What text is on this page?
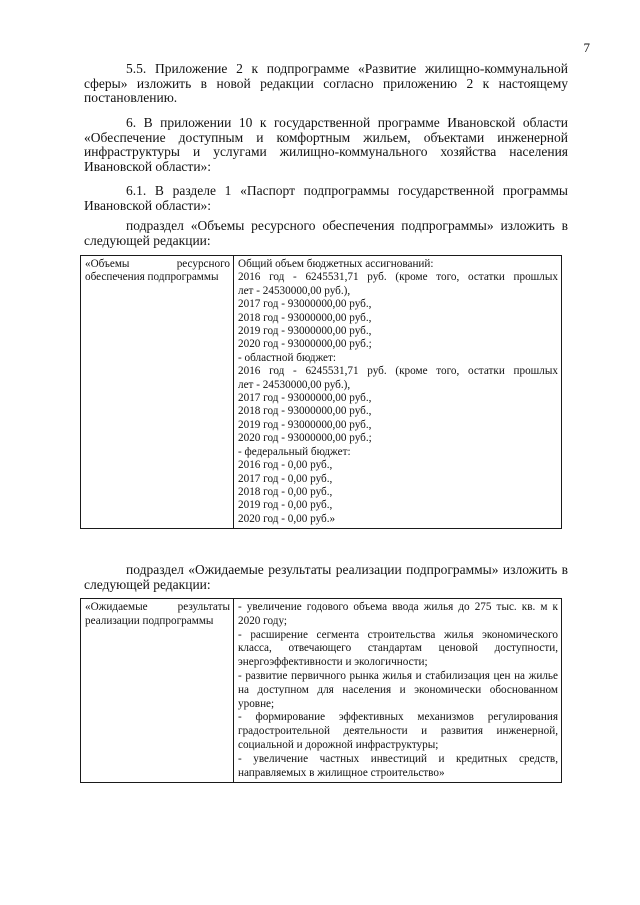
7

5.5. Приложение 2 к подпрограмме «Развитие жилищно-коммунальной сферы» изложить в новой редакции согласно приложению 2 к настоящему постановлению.

6. В приложении 10 к государственной программе Ивановской области «Обеспечение доступным и комфортным жильем, объектами инженерной инфраструктуры и услугами жилищно-коммунального хозяйства населения Ивановской области»:

6.1. В разделе 1 «Паспорт подпрограммы государственной программы Ивановской области»:

подраздел «Объемы ресурсного обеспечения подпрограммы» изложить в следующей редакции:

«Объемы ресурсного обеспечения подпрограммы

Общий объем бюджетных ассигнований:
2016 год - 6245531,71 руб. (кроме того, остатки прошлых
лет - 24530000,00 руб.),
2017 год - 93000000,00 руб.,
2018 год - 93000000,00 руб.,
2019 год - 93000000,00 руб.,
2020 год - 93000000,00 руб.;
- областной бюджет:
2016 год - 6245531,71 руб. (кроме того, остатки прошлых
лет - 24530000,00 руб.),
2017 год - 93000000,00 руб.,
2018 год - 93000000,00 руб.,
2019 год - 93000000,00 руб.,
2020 год - 93000000,00 руб.;
- федеральный бюджет:
2016 год - 0,00 руб.,
2017 год - 0,00 руб.,
2018 год - 0,00 руб.,
2019 год - 0,00 руб.,
2020 год - 0,00 руб.»

подраздел «Ожидаемые результаты реализации подпрограммы» изложить в следующей редакции:

«Ожидаемые результаты реализации подпрограммы

- увеличение годового объема ввода жилья до 275 тыс. кв. м к 2020 году;
- расширение сегмента строительства жилья экономического класса, отвечающего стандартам ценовой доступности, энергоэффективности и экологичности;
- развитие первичного рынка жилья и стабилизация цен на жилье на доступном для населения и экономически обоснованном уровне;
- формирование эффективных механизмов регулирования градостроительной деятельности и развития инженерной, социальной и дорожной инфраструктуры;
- увеличение частных инвестиций и кредитных средств, направляемых в жилищное строительство»
